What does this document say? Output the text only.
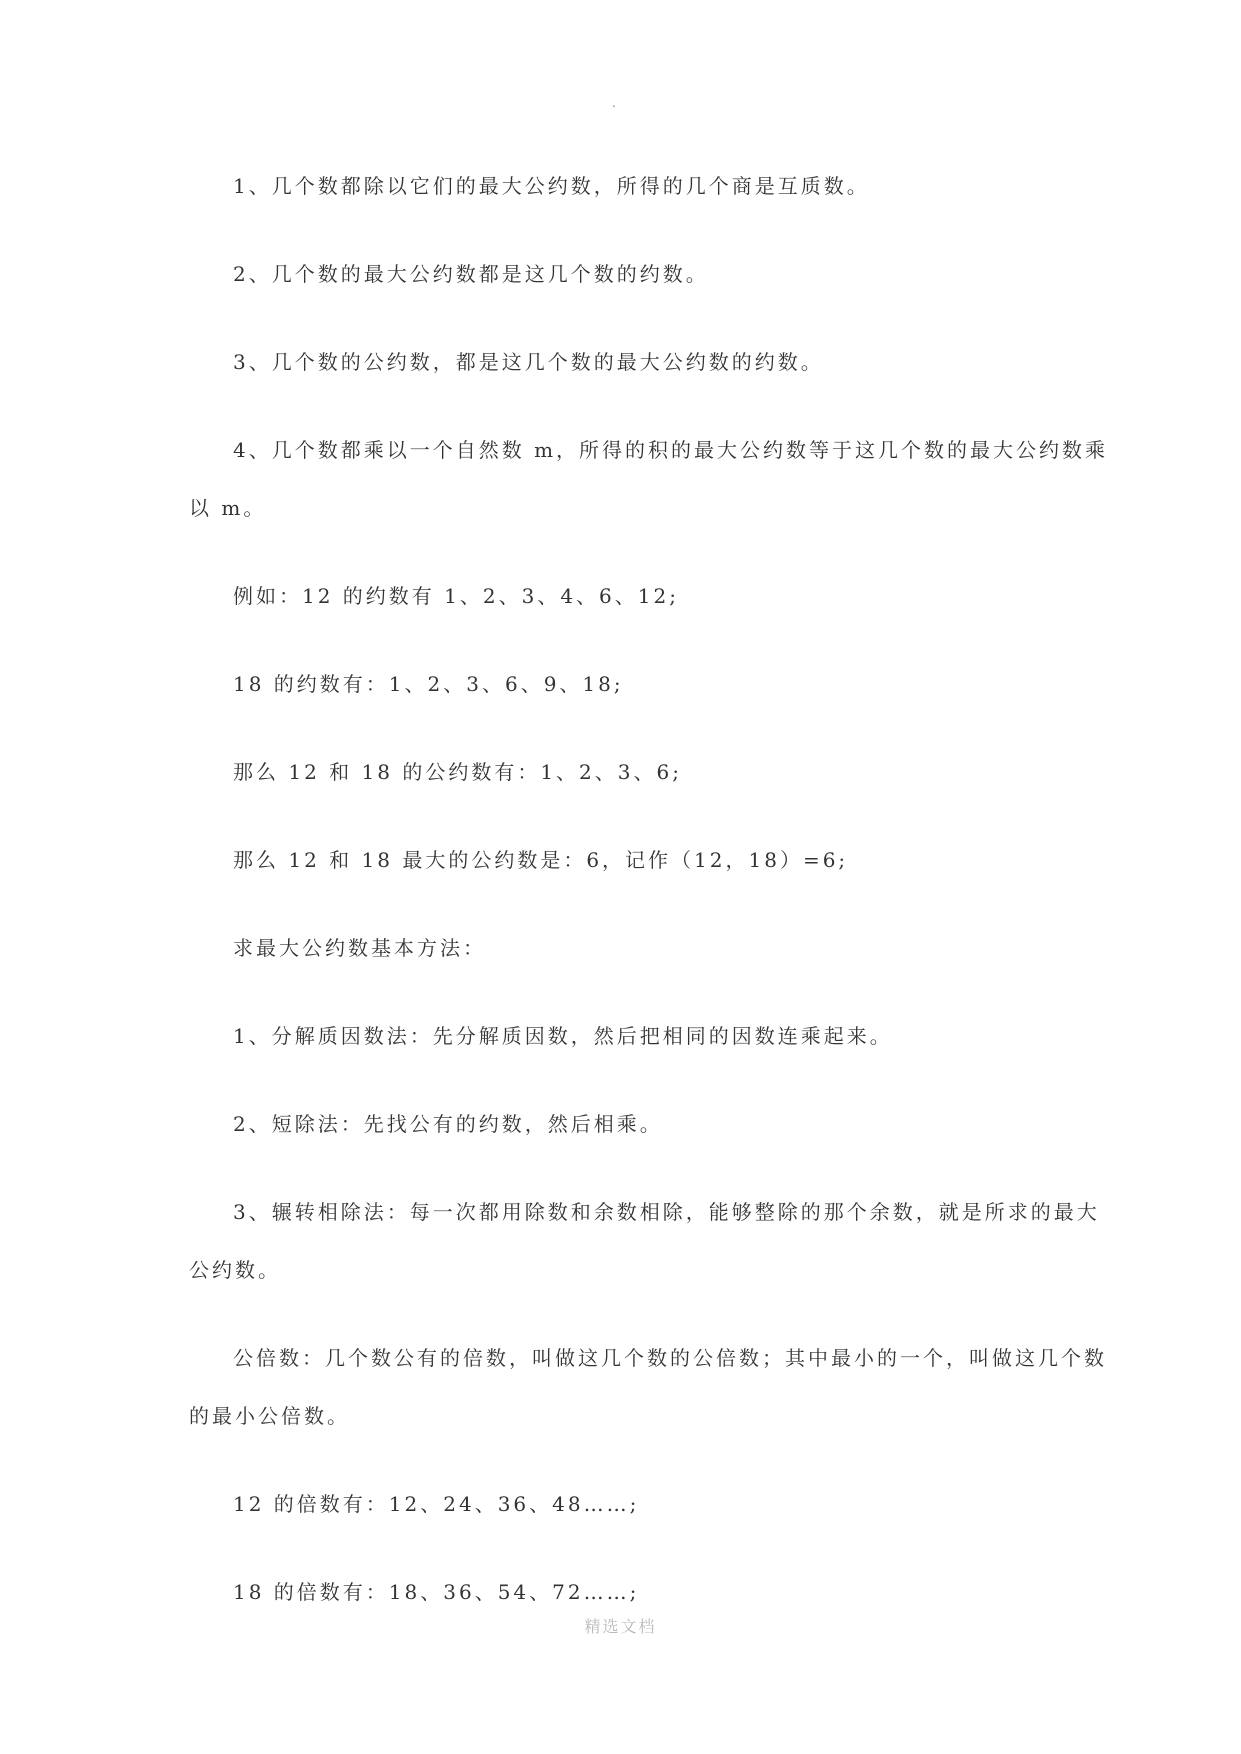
.
1、几个数都除以它们的最大公约数，所得的几个商是互质数。
2、几个数的最大公约数都是这几个数的约数。
3、几个数的公约数，都是这几个数的最大公约数的约数。
4、几个数都乘以一个自然数 m，所得的积的最大公约数等于这几个数的最大公约数乘
以 m。
例如：12 的约数有 1、2、3、4、6、12;
18 的约数有：1、2、3、6、9、18;
那么 12 和 18 的公约数有：1、2、3、6;
那么 12 和 18 最大的公约数是：6，记作（12，18）=6;
求最大公约数基本方法：
1、分解质因数法：先分解质因数，然后把相同的因数连乘起来。
2、短除法：先找公有的约数，然后相乘。
3、辗转相除法：每一次都用除数和余数相除，能够整除的那个余数，就是所求的最大
公约数。
公倍数：几个数公有的倍数，叫做这几个数的公倍数；其中最小的一个，叫做这几个数
的最小公倍数。
12 的倍数有：12、24、36、48……;
18 的倍数有：18、36、54、72……;
精选文档
